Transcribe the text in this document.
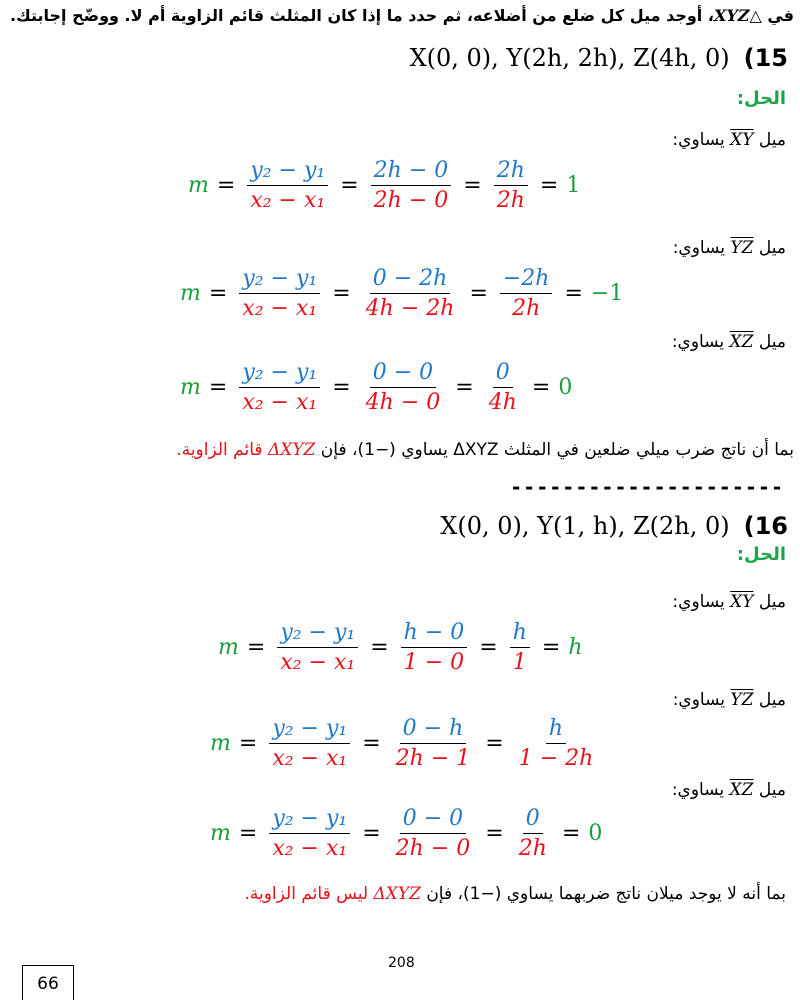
في XYZ△، أوجد ميل كل ضلع من أضلاعه، ثم حدد ما إذا كان المثلث قائم الزاوية أم لا. ووضّح إجابتك.
X(0, 0), Y(2h, 2h), Z(4h, 0) (15
الحل:
ميل $\overline{XY}$ يساوي:
$m = \frac{\text{y₂ − y₁}}{\text{x₂ − x₁}} = \frac{2h - 0}{2h - 0} = \frac{2h}{2h} = 1$
ميل $\overline{YZ}$ يساوي:
$m = \frac{\text{y₂ − y₁}}{\text{x₂ − x₁}} = \frac{0 - 2h}{4h - 2h} = \frac{-2h}{2h} = -1$
ميل $\overline{XZ}$ يساوي:
$m = \frac{\text{y₂ − y₁}}{\text{x₂ − x₁}} = \frac{0 - 0}{4h - 0} = \frac{0}{4h} = 0$
بما أن ناتج ضرب ميلي ضلعين في المثلث ΔXYZ يساوي (−1)، فإن ΔXYZ قائم الزاوية.
---------------------
X(0, 0), Y(1, h), Z(2h, 0) (16
الحل:
ميل $\overline{XY}$ يساوي:
$m = \frac{\text{y₂ − y₁}}{\text{x₂ − x₁}} = \frac{h - 0}{1 - 0} = \frac{h}{1} = h$
ميل $\overline{YZ}$ يساوي:
$m = \frac{\text{y₂ − y₁}}{\text{x₂ − x₁}} = \frac{0 - h}{2h - 1} = \frac{h}{1 - 2h}$
ميل $\overline{XZ}$ يساوي:
$m = \frac{\text{y₂ − y₁}}{\text{x₂ − x₁}} = \frac{0 - 0}{2h - 0} = \frac{0}{2h} = 0$
بما أنه لا يوجد ميلان ناتج ضربهما يساوي (−1)، فإن ΔXYZ ليس قائم الزاوية.
208
66
